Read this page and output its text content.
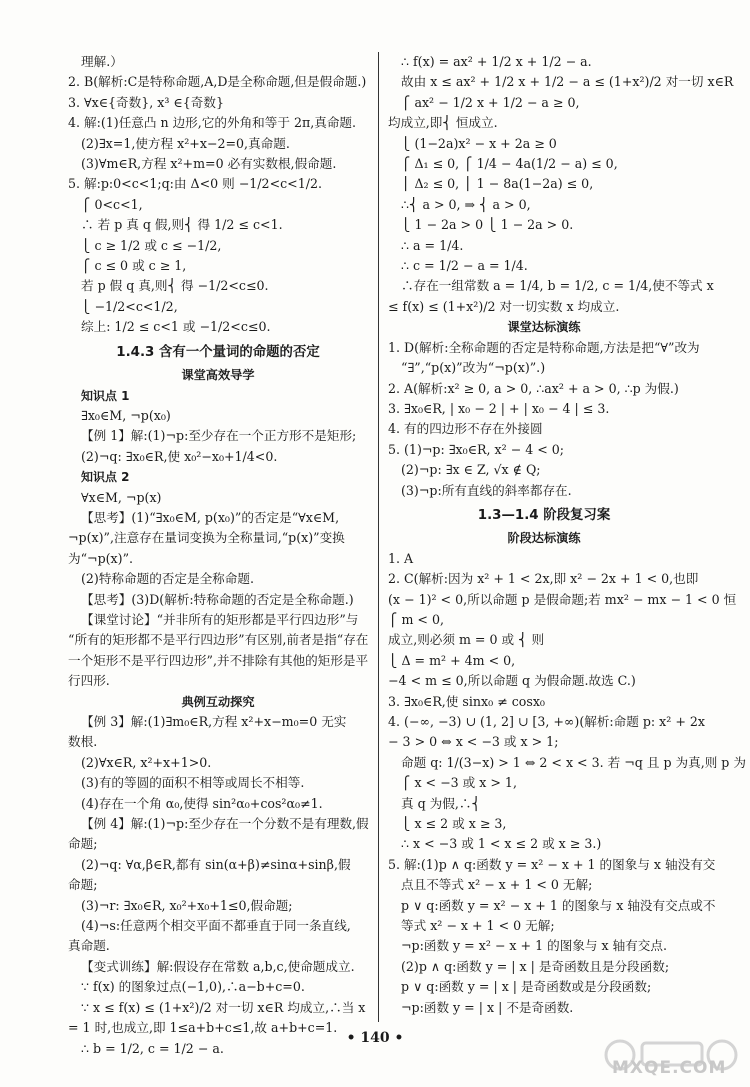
理解.）
2. B(解析:C是特称命题,A,D是全称命题,但是假命题.)
3. ∀x∈{奇数}, x³ ∈{奇数}
4. 解:(1)任意凸 n 边形,它的外角和等于 2π,真命题.
(2)∃x=1,使方程 x²+x−2=0,真命题.
(3)∀m∈R,方程 x²+m=0 必有实数根,假命题.
5. 解:p:0<c<1;q:由 Δ<0 则 −1/2<c<1/2.
⎧ 0<c<1,
∴ 若 p 真 q 假,则⎨ 得 1/2 ≤ c<1.
⎩ c ≥ 1/2 或 c ≤ −1/2,
⎧ c ≤ 0 或 c ≥ 1,
若 p 假 q 真,则⎨ 得 −1/2<c≤0.
⎩ −1/2<c<1/2,
综上: 1/2 ≤ c<1 或 −1/2<c≤0.
1.4.3 含有一个量词的命题的否定
课堂高效导学
知识点 1
∃x₀∈M, ¬p(x₀)
【例 1】解:(1)¬p:至少存在一个正方形不是矩形;
(2)¬q: ∃x₀∈R,使 x₀²−x₀+1/4<0.
知识点 2
∀x∈M, ¬p(x)
【思考】(1)“∃x₀∈M, p(x₀)”的否定是“∀x∈M,
¬p(x)”,注意存在量词变换为全称量词,“p(x)”变换
为“¬p(x)”.
(2)特称命题的否定是全称命题.
【思考】(3)D(解析:特称命题的否定是全称命题.)
【课堂讨论】“并非所有的矩形都是平行四边形”与
“所有的矩形都不是平行四边形”有区别,前者是指“存在
一个矩形不是平行四边形”,并不排除有其他的矩形是平
行四形.
典例互动探究
【例 3】解:(1)∃m₀∈R,方程 x²+x−m₀=0 无实
数根.
(2)∀x∈R, x²+x+1>0.
(3)有的等圆的面积不相等或周长不相等.
(4)存在一个角 α₀,使得 sin²α₀+cos²α₀≠1.
【例 4】解:(1)¬p:至少存在一个分数不是有理数,假
命题;
(2)¬q: ∀α,β∈R,都有 sin(α+β)≠sinα+sinβ,假
命题;
(3)¬r: ∃x₀∈R, x₀²+x₀+1≤0,假命题;
(4)¬s:任意两个相交平面不都垂直于同一条直线,
真命题.
【变式训练】解:假设存在常数 a,b,c,使命题成立.
∵ f(x) 的图象过点(−1,0),∴a−b+c=0.
∵ x ≤ f(x) ≤ (1+x²)/2 对一切 x∈R 均成立,∴当 x
= 1 时,也成立,即 1≤a+b+c≤1,故 a+b+c=1.
∴ b = 1/2, c = 1/2 − a.
∴ f(x) = ax² + 1/2 x + 1/2 − a.
故由 x ≤ ax² + 1/2 x + 1/2 − a ≤ (1+x²)/2 对一切 x∈R
⎧ ax² − 1/2 x + 1/2 − a ≥ 0,
均成立,即⎨ 恒成立.
⎩ (1−2a)x² − x + 2a ≥ 0
⎧ Δ₁ ≤ 0, ⎧ 1/4 − 4a(1/2 − a) ≤ 0,
⎪ Δ₂ ≤ 0, ⎪ 1 − 8a(1−2a) ≤ 0,
∴⎨ a > 0, ⇒ ⎨ a > 0,
⎩ 1 − 2a > 0 ⎩ 1 − 2a > 0.
∴ a = 1/4.
∴ c = 1/2 − a = 1/4.
∴存在一组常数 a = 1/4, b = 1/2, c = 1/4,使不等式 x
≤ f(x) ≤ (1+x²)/2 对一切实数 x 均成立.
课堂达标演练
1. D(解析:全称命题的否定是特称命题,方法是把“∀”改为
“∃”,“p(x)”改为“¬p(x)”.)
2. A(解析:x² ≥ 0, a > 0, ∴ax² + a > 0, ∴p 为假.)
3. ∃x₀∈R, | x₀ − 2 | + | x₀ − 4 | ≤ 3.
4. 有的四边形不存在外接圆
5. (1)¬p: ∃x₀∈R, x² − 4 < 0;
(2)¬p: ∃x ∈ Z, √x ∉ Q;
(3)¬p:所有直线的斜率都存在.
1.3—1.4 阶段复习案
阶段达标演练
1. A
2. C(解析:因为 x² + 1 < 2x,即 x² − 2x + 1 < 0,也即
(x − 1)² < 0,所以命题 p 是假命题;若 mx² − mx − 1 < 0 恒
⎧ m < 0,
成立,则必须 m = 0 或 ⎨ 则
⎩ Δ = m² + 4m < 0,
−4 < m ≤ 0,所以命题 q 为假命题.故选 C.)
3. ∃x₀∈R,使 sinx₀ ≠ cosx₀
4. (−∞, −3) ∪ (1, 2] ∪ [3, +∞)(解析:命题 p: x² + 2x
− 3 > 0 ⇔ x < −3 或 x > 1;
命题 q: 1/(3−x) > 1 ⇔ 2 < x < 3. 若 ¬q 且 p 为真,则 p 为
⎧ x < −3 或 x > 1,
真 q 为假,∴⎨
⎩ x ≤ 2 或 x ≥ 3,
∴ x < −3 或 1 < x ≤ 2 或 x ≥ 3.)
5. 解:(1)p ∧ q:函数 y = x² − x + 1 的图象与 x 轴没有交
点且不等式 x² − x + 1 < 0 无解;
p ∨ q:函数 y = x² − x + 1 的图象与 x 轴没有交点或不
等式 x² − x + 1 < 0 无解;
¬p:函数 y = x² − x + 1 的图象与 x 轴有交点.
(2)p ∧ q:函数 y = | x | 是奇函数且是分段函数;
p ∨ q:函数 y = | x | 是奇函数或是分段函数;
¬p:函数 y = | x | 不是奇函数.
• 140 •
MXQE.COM
